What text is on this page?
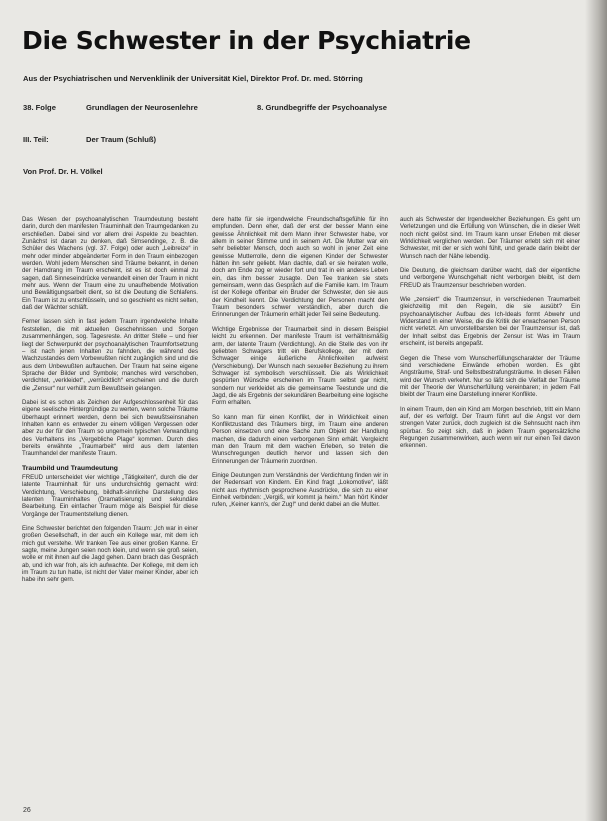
Die Schwester in der Psychiatrie
Aus der Psychiatrischen und Nervenklinik der Universität Kiel, Direktor Prof. Dr. med. Störring
38. Folge	Grundlagen der Neurosenlehre	8. Grundbegriffe der Psychoanalyse
III. Teil:	Der Traum (Schluß)
Von Prof. Dr. H. Völkel

Das Wesen der psychoanalytischen Traumdeutung besteht darin, durch den manifesten Trauminhalt den Traumgedanken zu erschließen. Dabei sind vor allem drei Aspekte zu beachten. Zunächst ist daran zu denken, daß Simsendinge, z. B. die Schüler des Wachens (vgl. 37. Folge) oder auch „Leibreize“ in mehr oder minder abgeänderter Form in den Traum einbezogen werden. Wohl jedem Menschen sind Träume bekannt, in denen der Harndrang im Traum erscheint, ist es ist doch einmal zu sagen, daß Sinneseindrücke verwandelt einen der Traum in nicht mehr aus. Wenn der Traum eine zu unaufhebende Motivation und Bewältigungsarbeit dient, so ist die Deutung die Schlafens. Ein Traum ist zu entschlüsseln, und so geschieht es nicht selten, daß der Wächter schläft.

Ferner lassen sich in fast jedem Traum irgendwelche Inhalte feststellen, die mit aktuellen Geschehnissen und Sorgen zusammenhängen, sog. Tagesreste. An dritter Stelle – und hier liegt der Schwerpunkt der psychoanalytischen Traumfortsetzung – ist nach jenen Inhalten zu fahnden, die während des Wachzustandes dem Vorbewußten nicht zugänglich sind und die aus dem Unbewußten auftauchen. Der Traum hat seine eigene Sprache der Bilder und Symbole; manches wird verschoben, verdichtet, „verkleidet“, „verrücktlich“ erscheinen und die durch die „Zensur“ nur verhüllt zum Bewußtsein gelangen.

Dabei ist es schon als Zeichen der Aufgeschlossenheit für das eigene seelische Hintergründige zu werten, wenn solche Träume überhaupt erinnert werden, denn bei sich bewußtseinsnahen Inhalten kann es entweder zu einem völligen Vergessen oder aber zu der für den Traum so ungemein typischen Verwandlung des Verhaltens ins „Vergebliche Plage“ kommen. Durch dies bereits erwähnte „Traumarbeit“ wird aus dem latenten Traumhandel der manifeste Traum.

Traumbild und Traumdeutung

FREUD unterscheidet vier wichtige „Tätigkeiten“, durch die der latente Trauminhalt für uns undurchsichtig gemacht wird: Verdichtung, Verschiebung, bildhaft-sinnliche Darstellung des latenten Trauminhaltes (Dramatisierung) und sekundäre Bearbeitung. Ein einfacher Traum möge als Beispiel für diese Vorgänge der Traumentstellung dienen.

Eine Schwester berichtet den folgenden Traum: „Ich war in einer großen Gesellschaft, in der auch ein Kollege war, mit dem ich mich gut verstehe. Wir tranken Tee aus einer großen Kanne. Er sagte, meine Jungen seien noch klein, und wenn sie groß seien, wolle er mit ihnen auf die Jagd gehen. Dann brach das Gespräch ab, und ich war froh, als ich aufwachte. Der Kollege, mit dem ich im Traum zu tun hatte, ist nicht der Vater meiner Kinder, aber ich habe ihn sehr gern.

dere hatte für sie irgendwelche Freundschaftsgefühle für ihn empfunden. Denn eher, daß der erst der besser Mann eine gewisse Ähnlichkeit mit dem Mann ihrer Schwester habe, vor allem in seiner Stimme und in seinem Art. Die Mutter war ein sehr beliebter Mensch, doch auch so wohl in jener Zeit eine gewisse Mutterrolle, denn die eigenen Kinder der Schwester hätten ihn sehr geliebt. Man dachte, daß er sie heiraten wolle, doch am Ende zog er wieder fort und trat in ein anderes Leben ein, das ihm besser zusagte. Den Tee tranken sie stets gemeinsam, wenn das Gespräch auf die Familie kam. Im Traum ist der Kollege offenbar ein Bruder der Schwester, den sie aus der Kindheit kennt. Die Verdichtung der Personen macht den Traum besonders schwer verständlich, aber durch die Erinnerungen der Träumerin erhält jeder Teil seine Bedeutung.

Wichtige Ergebnisse der Traumarbeit sind in diesem Beispiel leicht zu erkennen. Der manifeste Traum ist verhältnismäßig arm, der latente Traum (Verdichtung). An die Stelle des von ihr geliebten Schwagers tritt ein Berufskollege, der mit dem Schwager einige äußerliche Ähnlichkeiten aufweist (Verschiebung). Der Wunsch nach sexueller Beziehung zu ihrem Schwager ist symbolisch verschlüsselt. Die als Wirklichkeit gespürten Wünsche erscheinen im Traum selbst gar nicht, sondern nur verkleidet als die gemeinsame Teestunde und die Jagd, die als Ergebnis der sekundären Bearbeitung eine logische Form erhalten.

So kann man für einen Konflikt, der in Wirklichkeit einen Konfliktzustand des Träumers birgt, im Traum eine anderen Person einsetzen und eine Sache zum Objekt der Handlung machen, die dadurch einen verborgenen Sinn erhält. Vergleicht man den Traum mit dem wachen Erleben, so treten die Wunschregungen deutlich hervor und lassen sich den Erinnerungen der Träumerin zuordnen.

Einige Deutungen zum Verständnis der Verdichtung finden wir in der Redensart von Kindern. Ein Kind fragt „Lokomotive“, läßt nicht aus rhythmisch gesprochene Ausdrücke, die sich zu einer Einheit verbinden: „Vergiß, wir kommt ja heim.“ Man hört Kinder rufen, „Keiner kann's, der Zug!“ und denkt dabei an die Mutter.

auch als Schwester der Irgendwelcher Beziehungen. Es geht um Verletzungen und die Erfüllung von Wünschen, die in dieser Welt noch nicht gelöst sind. Im Traum kann unser Erleben mit dieser Wirklichkeit verglichen werden. Der Träumer erlebt sich mit einer Schwester, mit der er sich wohl fühlt, und gerade darin bleibt der Wunsch nach der Nähe lebendig.

Die Deutung, die gleichsam darüber wacht, daß der eigentliche und verborgene Wunschgehalt nicht verborgen bleibt, ist dem FREUD als Traumzensur beschrieben worden.

Wie „zensiert“ die Traumzensur, in verschiedenen Traumarbeit gleichzeitig mit den Regeln, die sie ausübt? Ein psychoanalytischer Aufbau des Ich-Ideals formt Abwehr und Widerstand in einer Weise, die die Kritik der erwachsenen Person nicht verletzt. Am unvorstellbarsten bei der Traumzensur ist, daß der Inhalt selbst das Ergebnis der Zensur ist: Was im Traum erscheint, ist bereits angepaßt.

Gegen die These vom Wunscherfüllungscharakter der Träume sind verschiedene Einwände erhoben worden. Es gibt Angsträume, Straf- und Selbstbestrafungsträume. In diesen Fällen wird der Wunsch verkehrt. Nur so läßt sich die Vielfalt der Träume mit der Theorie der Wunscherfüllung vereinbaren; in jedem Fall bleibt der Traum eine Darstellung innerer Konflikte.

In einem Traum, den ein Kind am Morgen beschrieb, tritt ein Mann auf, der es verfolgt. Der Traum führt auf die Angst vor dem strengen Vater zurück, doch zugleich ist die Sehnsucht nach ihm spürbar. So zeigt sich, daß in jedem Traum gegensätzliche Regungen zusammenwirken, auch wenn wir nur einen Teil davon erkennen.

26
